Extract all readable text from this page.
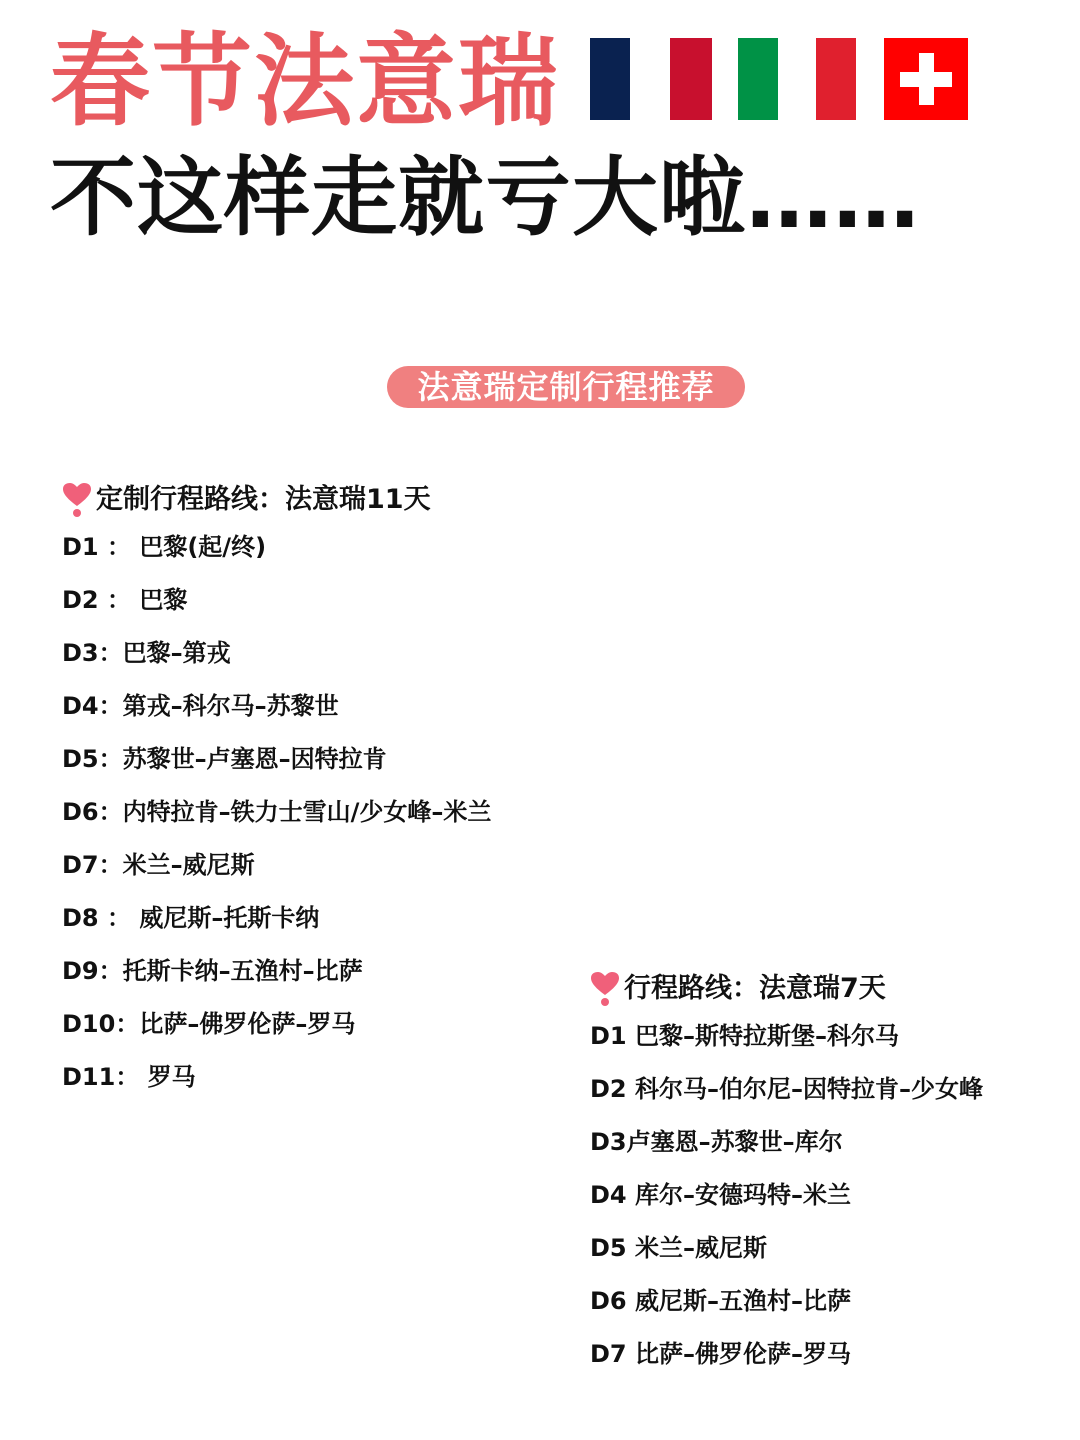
春节法意瑞
不这样走就亏大啦……
法意瑞定制行程推荐
定制行程路线：法意瑞11天
D1 ： 巴黎(起/终)
D2 ： 巴黎
D3：巴黎–第戎
D4：第戎–科尔马–苏黎世
D5：苏黎世–卢塞恩–因特拉肯
D6：内特拉肯–铁力士雪山/少女峰–米兰
D7：米兰–威尼斯
D8 ： 威尼斯–托斯卡纳
D9：托斯卡纳–五渔村–比萨
D10：比萨–佛罗伦萨–罗马
D11： 罗马
行程路线：法意瑞7天
D1 巴黎–斯特拉斯堡–科尔马
D2 科尔马–伯尔尼–因特拉肯–少女峰
D3卢塞恩–苏黎世–库尔
D4 库尔–安德玛特–米兰
D5 米兰–威尼斯
D6 威尼斯–五渔村–比萨
D7 比萨–佛罗伦萨–罗马
